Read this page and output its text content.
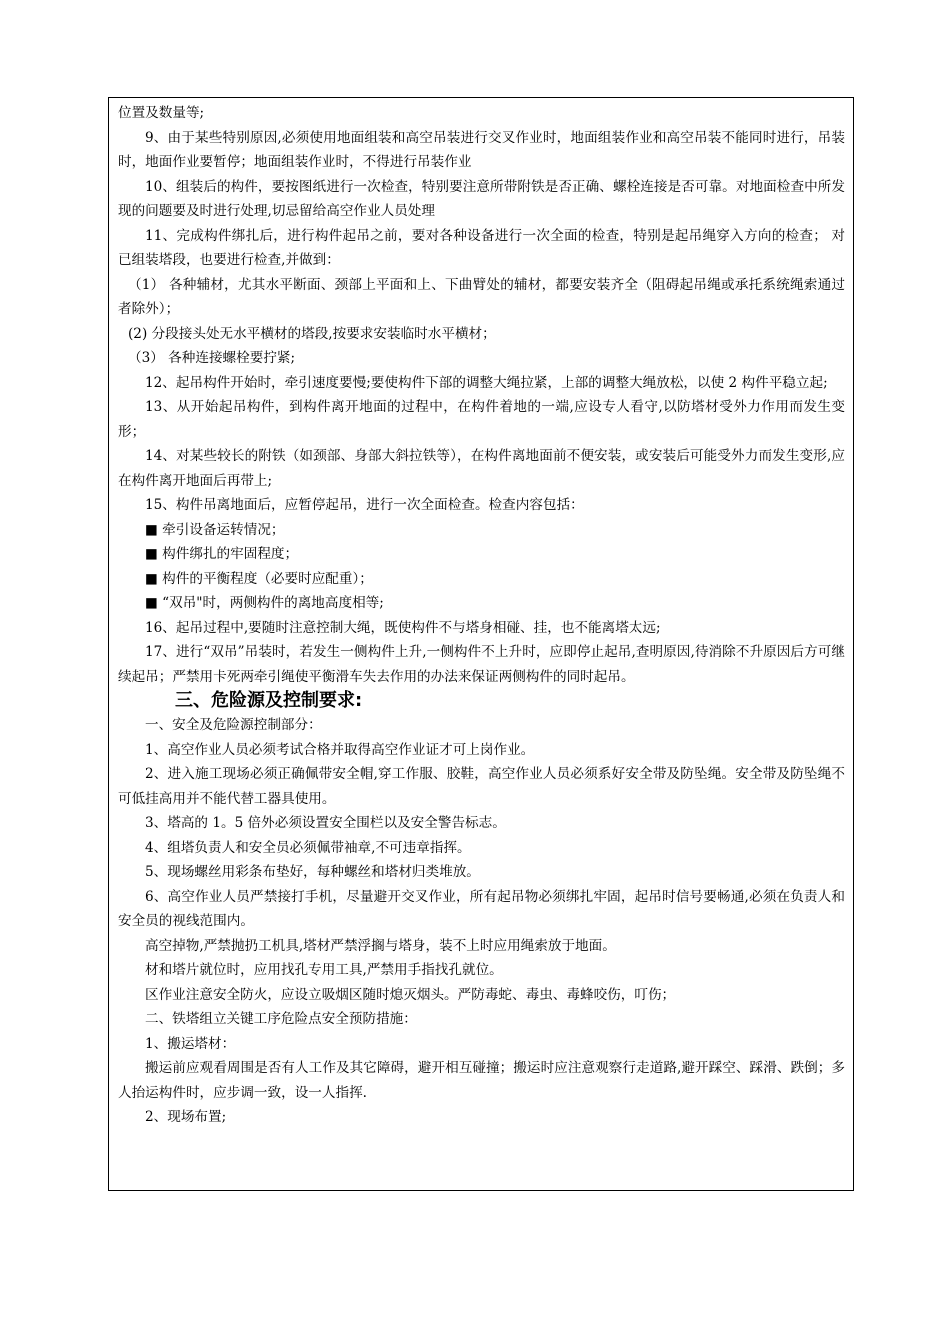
位置及数量等;

9、由于某些特别原因,必须使用地面组装和高空吊装进行交叉作业时，地面组装作业和高空吊装不能同时进行，吊装时，地面作业要暂停；地面组装作业时，不得进行吊装作业

10、组装后的构件，要按图纸进行一次检查，特别要注意所带附铁是否正确、螺栓连接是否可靠。对地面检查中所发现的问题要及时进行处理,切忌留给高空作业人员处理

11、完成构件绑扎后，进行构件起吊之前，要对各种设备进行一次全面的检查，特别是起吊绳穿入方向的检查； 对已组装塔段，也要进行检查,并做到：

（1） 各种辅材，尤其水平断面、颈部上平面和上、下曲臂处的辅材，都要安装齐全（阻碍起吊绳或承托系统绳索通过者除外）；

(2) 分段接头处无水平横材的塔段,按要求安装临时水平横材；

（3） 各种连接螺栓要拧紧;

12、起吊构件开始时，牵引速度要慢;要使构件下部的调整大绳拉紧，上部的调整大绳放松，以使 2 构件平稳立起;

13、从开始起吊构件，到构件离开地面的过程中，在构件着地的一端,应设专人看守,以防塔材受外力作用而发生变形；

14、对某些较长的附铁（如颈部、身部大斜拉铁等），在构件离地面前不便安装，或安装后可能受外力而发生变形,应在构件离开地面后再带上;

15、构件吊离地面后，应暂停起吊，进行一次全面检查。检查内容包括：

■ 牵引设备运转情况；

■ 构件绑扎的牢固程度；

■ 构件的平衡程度（必要时应配重）；

■ “双吊"时，两侧构件的离地高度相等;

16、起吊过程中,要随时注意控制大绳，既使构件不与塔身相碰、挂，也不能离塔太远;

17、进行“双吊”吊装时，若发生一侧构件上升,一侧构件不上升时，应即停止起吊,查明原因,待消除不升原因后方可继续起吊；严禁用卡死两牵引绳使平衡滑车失去作用的办法来保证两侧构件的同时起吊。

三、危险源及控制要求:

一、安全及危险源控制部分：

1、高空作业人员必须考试合格并取得高空作业证才可上岗作业。

2、进入施工现场必须正确佩带安全帽,穿工作服、胶鞋，高空作业人员必须系好安全带及防坠绳。安全带及防坠绳不可低挂高用并不能代替工器具使用。

3、塔高的 1。5 倍外必须设置安全围栏以及安全警告标志。

4、组塔负责人和安全员必须佩带袖章,不可违章指挥。

5、现场螺丝用彩条布垫好，每种螺丝和塔材归类堆放。

6、高空作业人员严禁接打手机，尽量避开交叉作业，所有起吊物必须绑扎牢固，起吊时信号要畅通,必须在负责人和安全员的视线范围内。

高空掉物,严禁抛扔工机具,塔材严禁浮搁与塔身，装不上时应用绳索放于地面。

材和塔片就位时，应用找孔专用工具,严禁用手指找孔就位。

区作业注意安全防火，应设立吸烟区随时熄灭烟头。严防毒蛇、毒虫、毒蜂咬伤，叮伤；

二、铁塔组立关键工序危险点安全预防措施：

1、搬运塔材：

搬运前应观看周围是否有人工作及其它障碍，避开相互碰撞；搬运时应注意观察行走道路,避开踩空、踩滑、跌倒；多人抬运构件时，应步调一致，设一人指挥.

2、现场布置;
